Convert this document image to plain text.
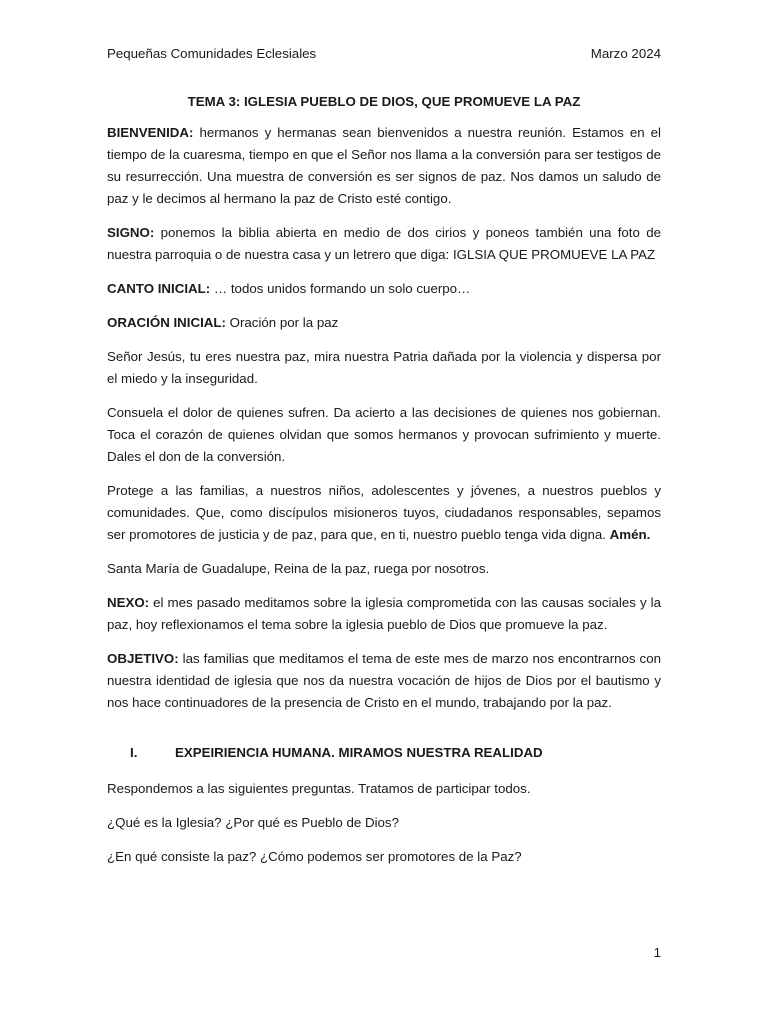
Pequeñas Comunidades Eclesiales	Marzo 2024
TEMA 3: IGLESIA PUEBLO DE DIOS, QUE PROMUEVE LA PAZ

BIENVENIDA: hermanos y hermanas sean bienvenidos a nuestra reunión. Estamos en el tiempo de la cuaresma, tiempo en que el Señor nos llama a la conversión para ser testigos de su resurrección. Una muestra de conversión es ser signos de paz. Nos damos un saludo de paz y le decimos al hermano la paz de Cristo esté contigo.

SIGNO: ponemos la biblia abierta en medio de dos cirios y poneos también una foto de nuestra parroquia o de nuestra casa y un letrero que diga: IGLSIA QUE PROMUEVE LA PAZ

CANTO INICIAL: … todos unidos formando un solo cuerpo…

ORACIÓN INICIAL: Oración por la paz

Señor Jesús, tu eres nuestra paz, mira nuestra Patria dañada por la violencia y dispersa por el miedo y la inseguridad.

Consuela el dolor de quienes sufren. Da acierto a las decisiones de quienes nos gobiernan. Toca el corazón de quienes olvidan que somos hermanos y provocan sufrimiento y muerte. Dales el don de la conversión.

Protege a las familias, a nuestros niños, adolescentes y jóvenes, a nuestros pueblos y comunidades. Que, como discípulos misioneros tuyos, ciudadanos responsables, sepamos ser promotores de justicia y de paz, para que, en ti, nuestro pueblo tenga vida digna. Amén.

Santa María de Guadalupe, Reina de la paz, ruega por nosotros.

NEXO: el mes pasado meditamos sobre la iglesia comprometida con las causas sociales y la paz, hoy reflexionamos el tema sobre la iglesia pueblo de Dios que promueve la paz.

OBJETIVO: las familias que meditamos el tema de este mes de marzo nos encontrarnos con nuestra identidad de iglesia que nos da nuestra vocación de hijos de Dios por el bautismo y nos hace continuadores de la presencia de Cristo en el mundo, trabajando por la paz.

I.	EXPEIRIENCIA HUMANA. MIRAMOS NUESTRA REALIDAD

Respondemos a las siguientes preguntas. Tratamos de participar todos.

¿Qué es la Iglesia? ¿Por qué es Pueblo de Dios?

¿En qué consiste la paz? ¿Cómo podemos ser promotores de la Paz?

1
